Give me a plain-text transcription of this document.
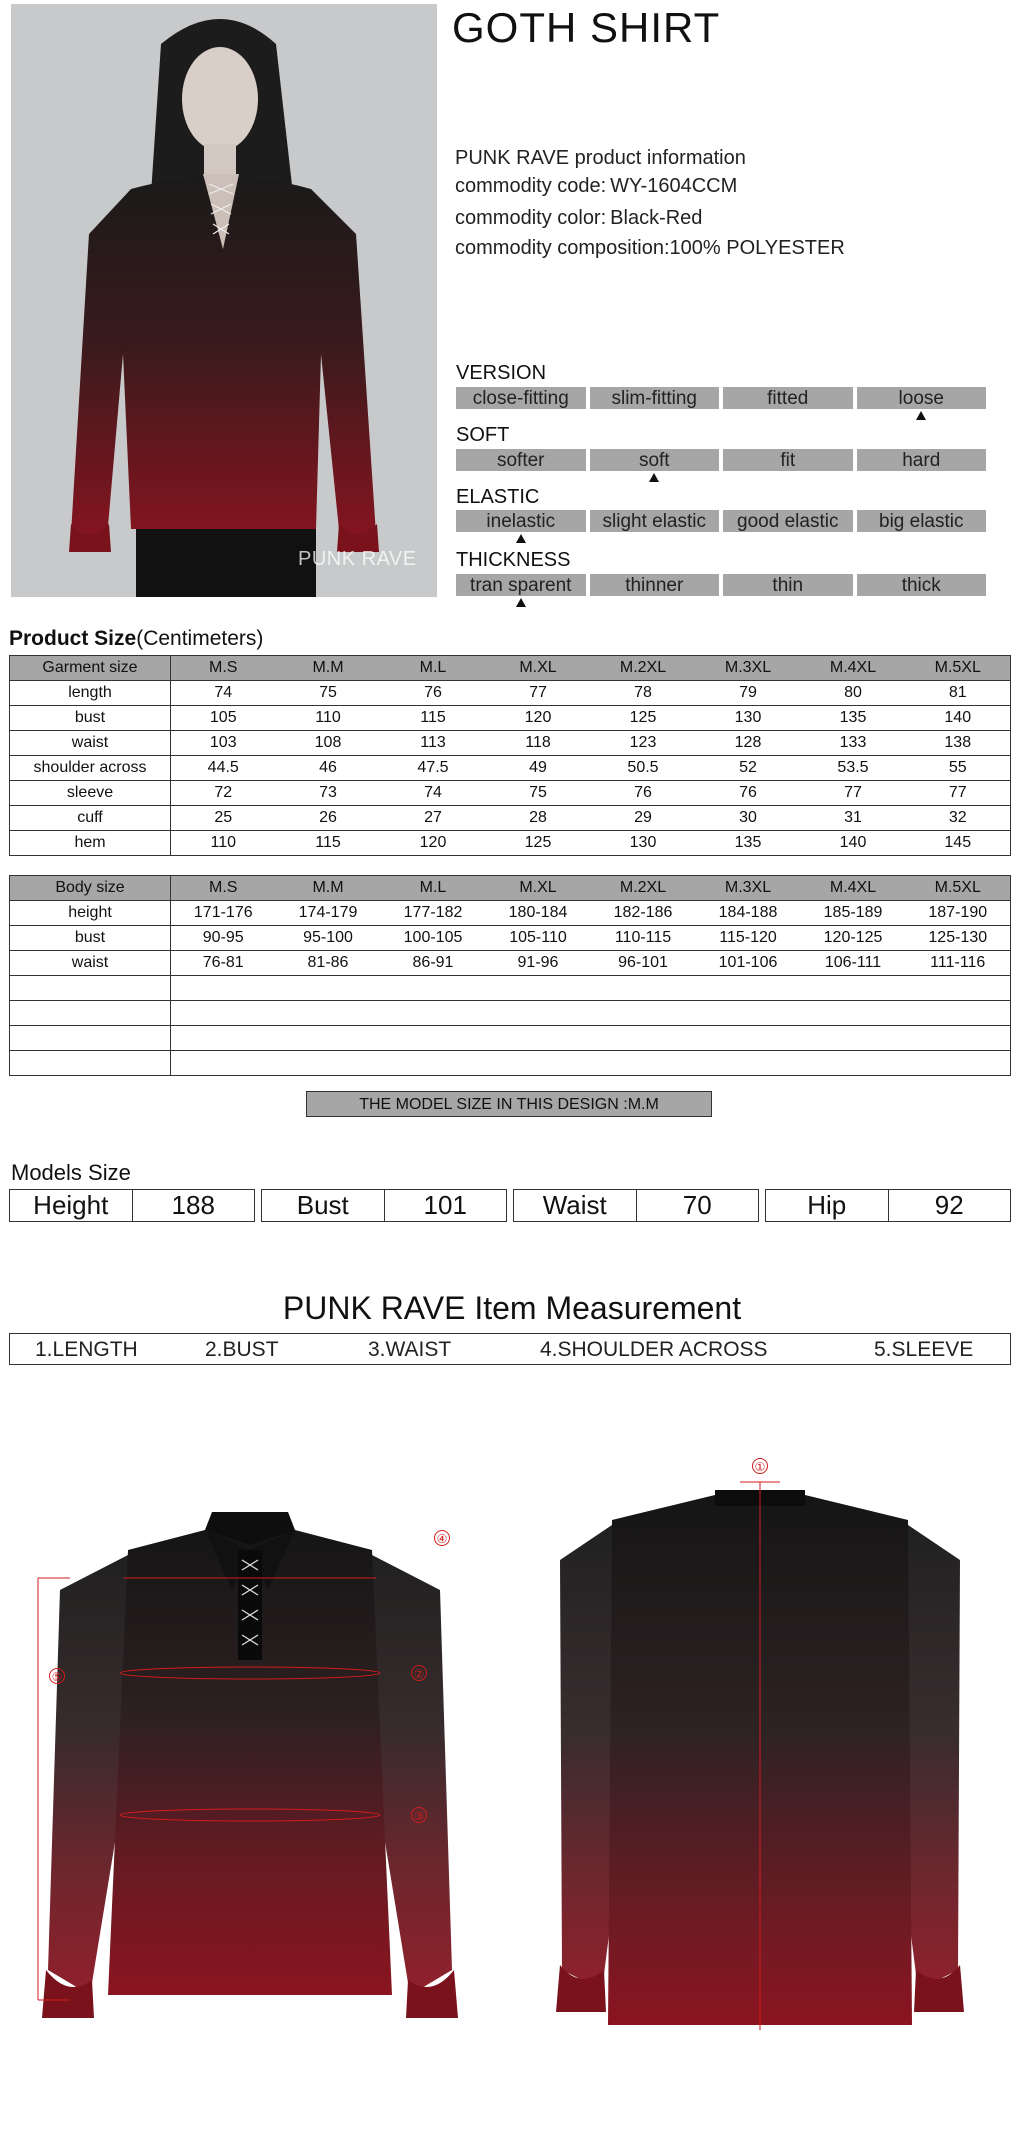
PUNK RAVE
GOTH SHIRT
PUNK RAVE product information
commodity code: WY-1604CCM
commodity color: Black-Red
commodity composition:100% POLYESTER
VERSION
close-fitting	slim-fitting	fitted	loose
SOFT
softer	soft	fit	hard
ELASTIC
inelastic	slight elastic	good elastic	big elastic
THICKNESS
tran sparent	thinner	thin	thick
Product Size(Centimeters)
Garment size	M.S	M.M	M.L	M.XL	M.2XL	M.3XL	M.4XL	M.5XL
length	74	75	76	77	78	79	80	81
bust	105	110	115	120	125	130	135	140
waist	103	108	113	118	123	128	133	138
shoulder across	44.5	46	47.5	49	50.5	52	53.5	55
sleeve	72	73	74	75	76	76	77	77
cuff	25	26	27	28	29	30	31	32
hem	110	115	120	125	130	135	140	145
Body size	M.S	M.M	M.L	M.XL	M.2XL	M.3XL	M.4XL	M.5XL
height	171-176	174-179	177-182	180-184	182-186	184-188	185-189	187-190
bust	90-95	95-100	100-105	105-110	110-115	115-120	120-125	125-130
waist	76-81	81-86	86-91	91-96	96-101	101-106	106-111	111-116

THE MODEL SIZE IN THIS DESIGN :M.M
Models Size
Height	188	Bust	101	Waist	70	Hip	92
PUNK RAVE Item Measurement
1.LENGTH	2.BUST	3.WAIST	4.SHOULDER ACROSS	5.SLEEVE
④
⑤	②
③
①
